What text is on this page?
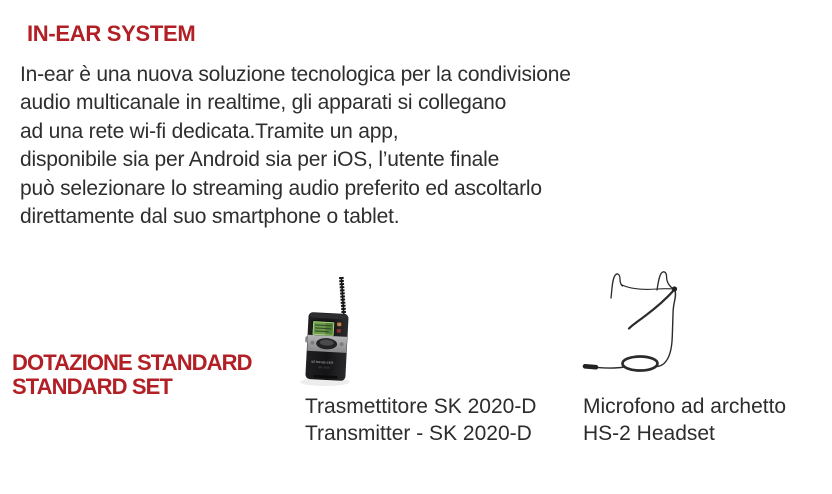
IN-EAR SYSTEM
In-ear è una nuova soluzione tecnologica per la condivisione
audio multicanale in realtime, gli apparati si collegano
ad una rete wi-fi dedicata.Tramite un app,
disponibile sia per Android sia per iOS, l’utente finale
può selezionare lo streaming audio preferito ed ascoltarlo
direttamente dal suo smartphone o tablet.
DOTAZIONE STANDARD
STANDARD SET
SENNHEISER
SK 2020
Trasmettitore SK 2020-D
Transmitter - SK 2020-D
Microfono ad archetto
HS-2 Headset
